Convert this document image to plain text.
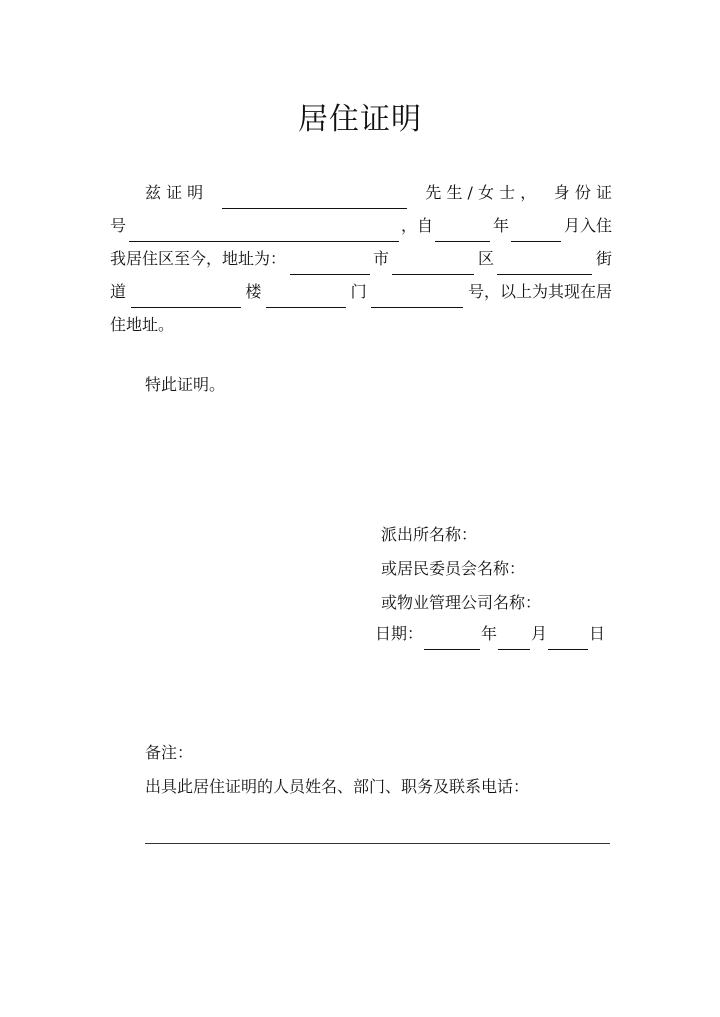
居住证明
兹 证 明	先 生 / 女 士 ， 身 份 证
号	，自	年	月入住
我居住区至今，地址为：	市	区	街
道	楼	门	号，以上为其现在居
住地址。
特此证明。
派出所名称：
或居民委员会名称：
或物业管理公司名称：
日期：	年 月	日
备注：
出具此居住证明的人员姓名、部门、职务及联系电话：
